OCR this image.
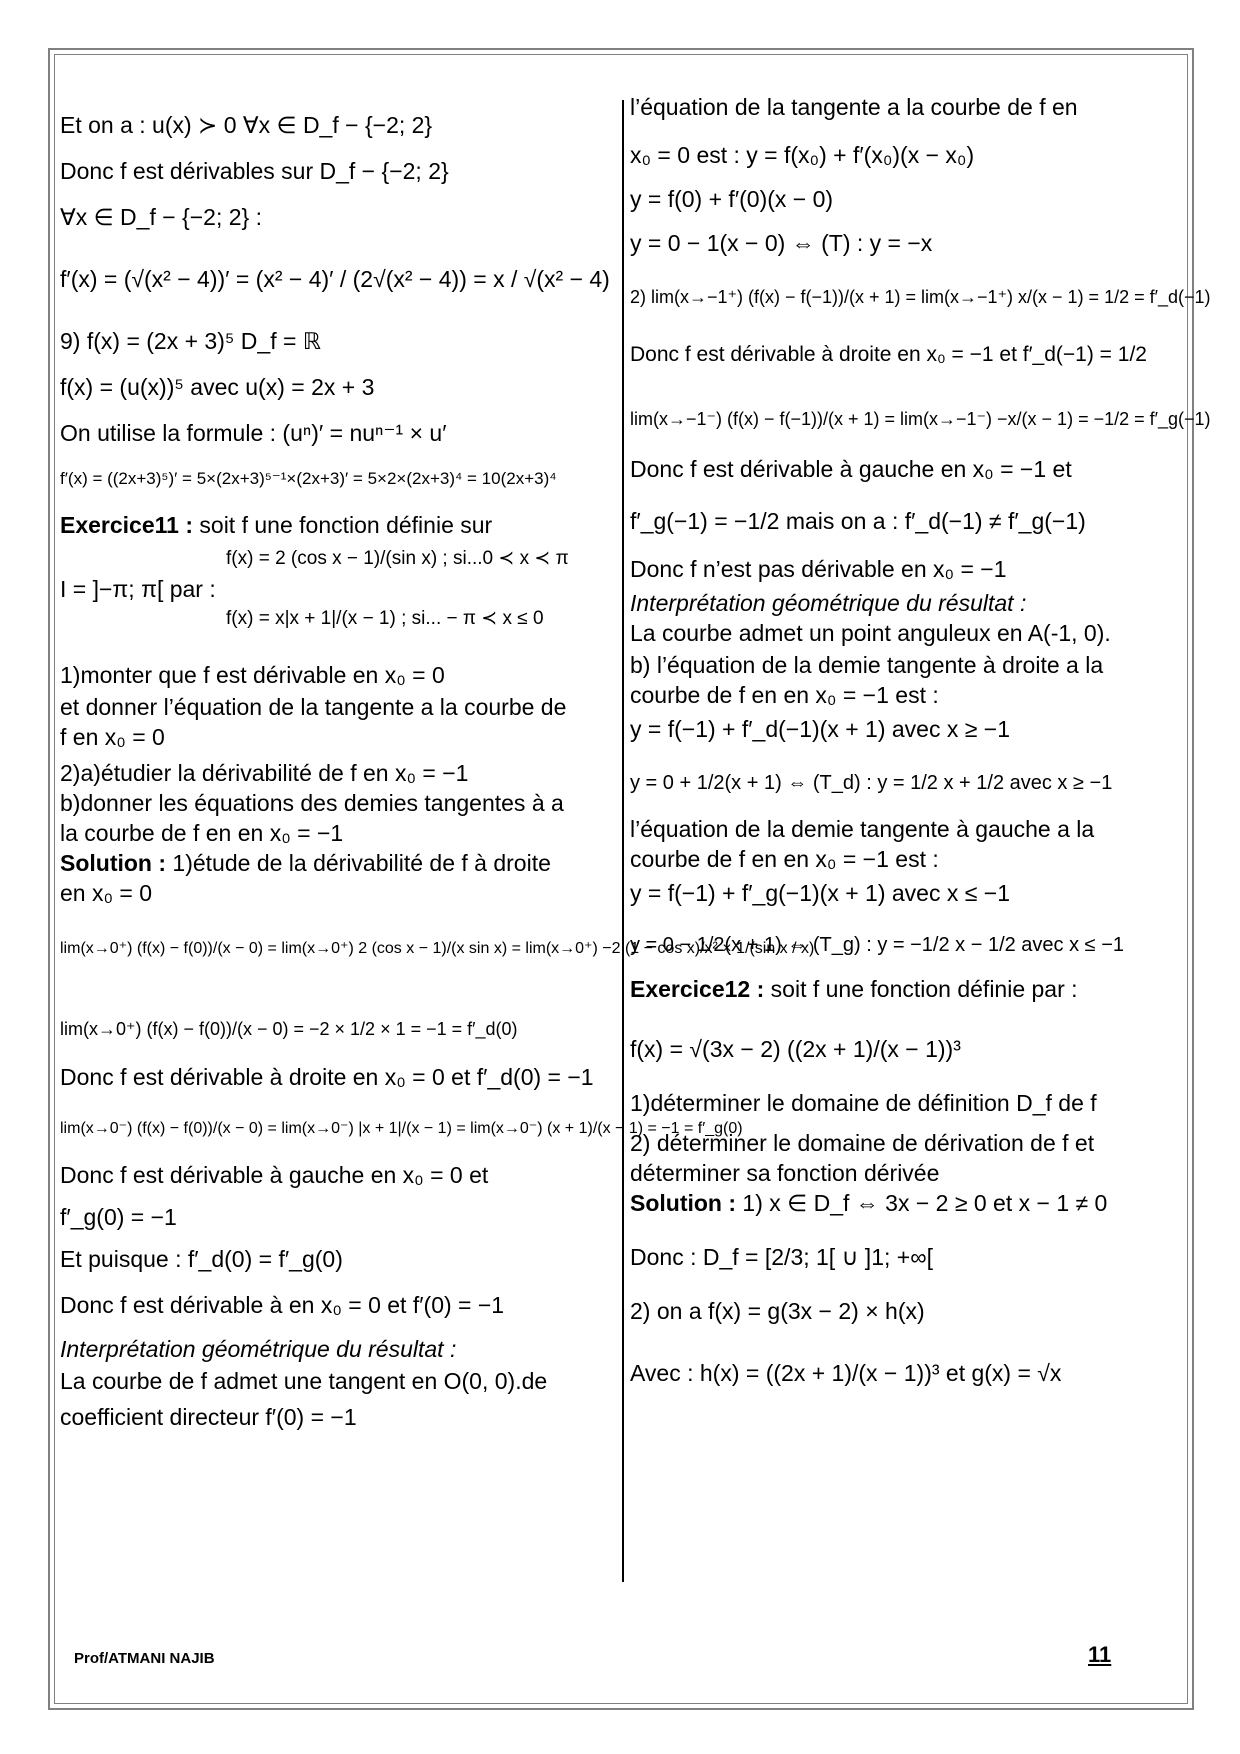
Et on a : u(x) ≻ 0 ∀x ∈ D_f − {−2; 2}
Donc f est dérivables sur D_f − {−2; 2}
∀x ∈ D_f − {−2; 2} :
f′(x) = (√(x² − 4))′ = (x² − 4)′ / (2√(x² − 4)) = x / √(x² − 4)
9) f(x) = (2x + 3)⁵ D_f = ℝ
f(x) = (u(x))⁵ avec u(x) = 2x + 3
On utilise la formule : (uⁿ)′ = nuⁿ⁻¹ × u′
f′(x) = ((2x+3)⁵)′ = 5×(2x+3)⁵⁻¹×(2x+3)′ = 5×2×(2x+3)⁴ = 10(2x+3)⁴
Exercice11 : soit f une fonction définie sur
I = ]−π; π[ par :
f(x) = 2 (cos x − 1)/(sin x) ; si...0 ≺ x ≺ π
f(x) = x|x + 1|/(x − 1) ; si... − π ≺ x ≤ 0
1)monter que f est dérivable en x₀ = 0
et donner l’équation de la tangente a la courbe de
f en x₀ = 0
2)a)étudier la dérivabilité de f en x₀ = −1
b)donner les équations des demies tangentes à a
la courbe de f en en x₀ = −1
Solution : 1)étude de la dérivabilité de f à droite
en x₀ = 0
lim(x→0⁺) (f(x) − f(0))/(x − 0) = lim(x→0⁺) 2 (cos x − 1)/(x sin x) = lim(x→0⁺) −2 (1 − cos x)/x² × 1/(sin x / x)
lim(x→0⁺) (f(x) − f(0))/(x − 0) = −2 × 1/2 × 1 = −1 = f′_d(0)
Donc f est dérivable à droite en x₀ = 0 et f′_d(0) = −1
lim(x→0⁻) (f(x) − f(0))/(x − 0) = lim(x→0⁻) |x + 1|/(x − 1) = lim(x→0⁻) (x + 1)/(x − 1) = −1 = f′_g(0)
Donc f est dérivable à gauche en x₀ = 0 et
f′_g(0) = −1
Et puisque : f′_d(0) = f′_g(0)
Donc f est dérivable à en x₀ = 0 et f′(0) = −1
Interprétation géométrique du résultat :
La courbe de f admet une tangent en O(0, 0).de
coefficient directeur f′(0) = −1
l’équation de la tangente a la courbe de f en
x₀ = 0 est : y = f(x₀) + f′(x₀)(x − x₀)
y = f(0) + f′(0)(x − 0)
y = 0 − 1(x − 0) ⇔ (T) : y = −x
2) lim(x→−1⁺) (f(x) − f(−1))/(x + 1) = lim(x→−1⁺) x/(x − 1) = 1/2 = f′_d(−1)
Donc f est dérivable à droite en x₀ = −1 et f′_d(−1) = 1/2
lim(x→−1⁻) (f(x) − f(−1))/(x + 1) = lim(x→−1⁻) −x/(x − 1) = −1/2 = f′_g(−1)
Donc f est dérivable à gauche en x₀ = −1 et
f′_g(−1) = −1/2 mais on a : f′_d(−1) ≠ f′_g(−1)
Donc f n’est pas dérivable en x₀ = −1
Interprétation géométrique du résultat :
La courbe admet un point anguleux en A(-1, 0).
b) l’équation de la demie tangente à droite a la
courbe de f en en x₀ = −1 est :
y = f(−1) + f′_d(−1)(x + 1) avec x ≥ −1
y = 0 + 1/2(x + 1) ⇔ (T_d) : y = 1/2 x + 1/2 avec x ≥ −1
l’équation de la demie tangente à gauche a la
courbe de f en en x₀ = −1 est :
y = f(−1) + f′_g(−1)(x + 1) avec x ≤ −1
y = 0 − 1/2(x + 1) ⇔ (T_g) : y = −1/2 x − 1/2 avec x ≤ −1
Exercice12 : soit f une fonction définie par :
f(x) = √(3x − 2) ((2x + 1)/(x − 1))³
1)déterminer le domaine de définition D_f de f
2) déterminer le domaine de dérivation de f et
déterminer sa fonction dérivée
Solution : 1) x ∈ D_f ⇔ 3x − 2 ≥ 0 et x − 1 ≠ 0
Donc : D_f = [2/3; 1[ ∪ ]1; +∞[
2) on a f(x) = g(3x − 2) × h(x)
Avec : h(x) = ((2x + 1)/(x − 1))³ et g(x) = √x
Prof/ATMANI NAJIB	11
